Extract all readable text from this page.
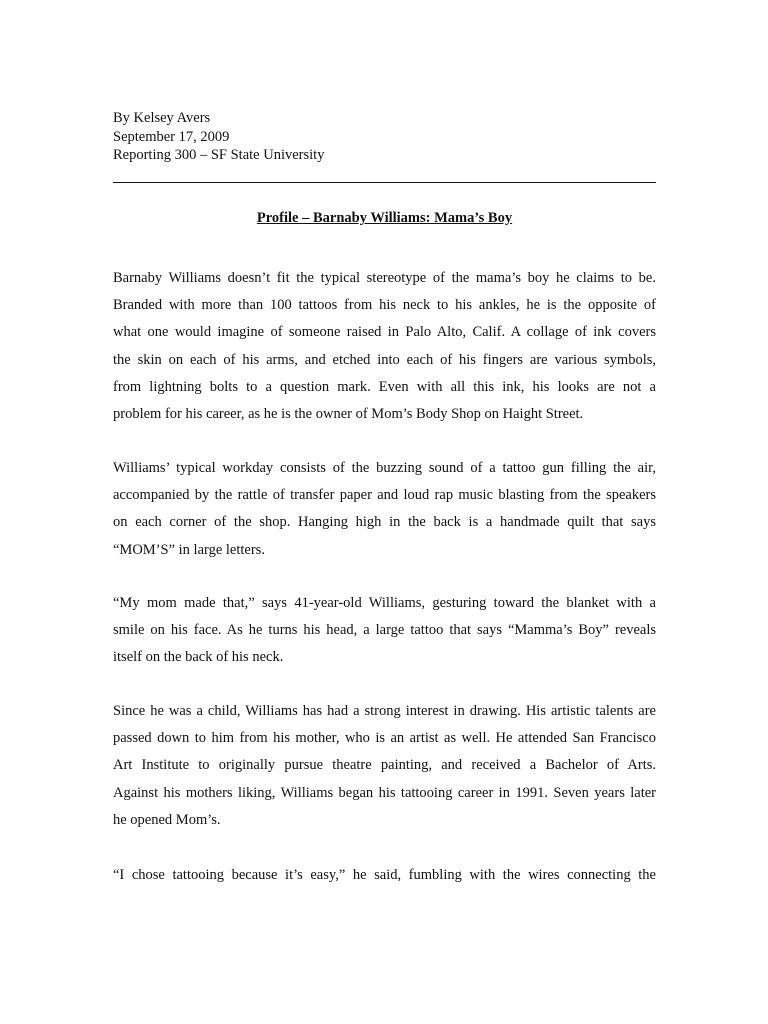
By Kelsey Avers
September 17, 2009
Reporting 300 – SF State University
Profile – Barnaby Williams: Mama’s Boy
Barnaby Williams doesn’t fit the typical stereotype of the mama’s boy he claims to be.
Branded with more than 100 tattoos from his neck to his ankles, he is the opposite of
what one would imagine of someone raised in Palo Alto, Calif. A collage of ink covers
the skin on each of his arms, and etched into each of his fingers are various symbols,
from lightning bolts to a question mark. Even with all this ink, his looks are not a
problem for his career, as he is the owner of Mom’s Body Shop on Haight Street.
Williams’ typical workday consists of the buzzing sound of a tattoo gun filling the air,
accompanied by the rattle of transfer paper and loud rap music blasting from the speakers
on each corner of the shop. Hanging high in the back is a handmade quilt that says
“MOM’S” in large letters.
“My mom made that,” says 41-year-old Williams, gesturing toward the blanket with a
smile on his face. As he turns his head, a large tattoo that says “Mamma’s Boy” reveals
itself on the back of his neck.
Since he was a child, Williams has had a strong interest in drawing. His artistic talents are
passed down to him from his mother, who is an artist as well. He attended San Francisco
Art Institute to originally pursue theatre painting, and received a Bachelor of Arts.
Against his mothers liking, Williams began his tattooing career in 1991. Seven years later
he opened Mom’s.
“I chose tattooing because it’s easy,” he said, fumbling with the wires connecting the
